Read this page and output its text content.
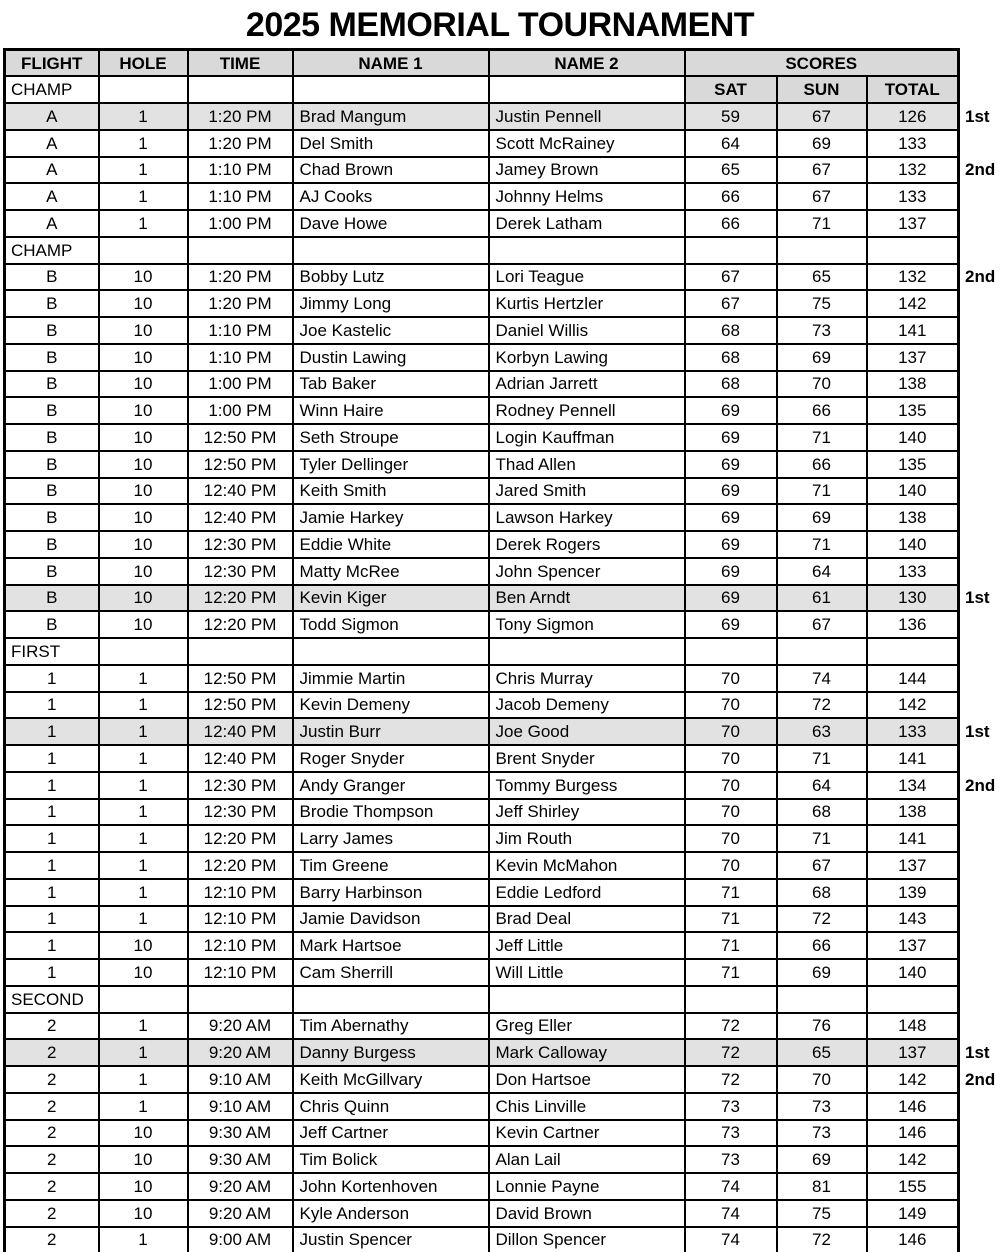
2025 MEMORIAL TOURNAMENT
FLIGHT	HOLE	TIME	NAME 1	NAME 2	SCORES			
CHAMP					SAT	SUN	TOTAL	
A	1	1:20 PM	Brad Mangum	Justin Pennell	59	67	126	1st
A	1	1:20 PM	Del Smith	Scott McRainey	64	69	133	
A	1	1:10 PM	Chad Brown	Jamey Brown	65	67	132	2nd
A	1	1:10 PM	AJ Cooks	Johnny Helms	66	67	133	
A	1	1:00 PM	Dave Howe	Derek Latham	66	71	137	
CHAMP								
B	10	1:20 PM	Bobby Lutz	Lori Teague	67	65	132	2nd
B	10	1:20 PM	Jimmy Long	Kurtis Hertzler	67	75	142	
B	10	1:10 PM	Joe Kastelic	Daniel Willis	68	73	141	
B	10	1:10 PM	Dustin Lawing	Korbyn Lawing	68	69	137	
B	10	1:00 PM	Tab Baker	Adrian Jarrett	68	70	138	
B	10	1:00 PM	Winn Haire	Rodney Pennell	69	66	135	
B	10	12:50 PM	Seth Stroupe	Login Kauffman	69	71	140	
B	10	12:50 PM	Tyler Dellinger	Thad Allen	69	66	135	
B	10	12:40 PM	Keith Smith	Jared Smith	69	71	140	
B	10	12:40 PM	Jamie Harkey	Lawson Harkey	69	69	138	
B	10	12:30 PM	Eddie White	Derek Rogers	69	71	140	
B	10	12:30 PM	Matty McRee	John Spencer	69	64	133	
B	10	12:20 PM	Kevin Kiger	Ben Arndt	69	61	130	1st
B	10	12:20 PM	Todd Sigmon	Tony Sigmon	69	67	136	
FIRST								
1	1	12:50 PM	Jimmie Martin	Chris Murray	70	74	144	
1	1	12:50 PM	Kevin Demeny	Jacob Demeny	70	72	142	
1	1	12:40 PM	Justin Burr	Joe Good	70	63	133	1st
1	1	12:40 PM	Roger Snyder	Brent Snyder	70	71	141	
1	1	12:30 PM	Andy Granger	Tommy Burgess	70	64	134	2nd
1	1	12:30 PM	Brodie Thompson	Jeff Shirley	70	68	138	
1	1	12:20 PM	Larry James	Jim Routh	70	71	141	
1	1	12:20 PM	Tim Greene	Kevin McMahon	70	67	137	
1	1	12:10 PM	Barry Harbinson	Eddie Ledford	71	68	139	
1	1	12:10 PM	Jamie Davidson	Brad Deal	71	72	143	
1	10	12:10 PM	Mark Hartsoe	Jeff Little	71	66	137	
1	10	12:10 PM	Cam Sherrill	Will Little	71	69	140	
SECOND								
2	1	9:20 AM	Tim Abernathy	Greg Eller	72	76	148	
2	1	9:20 AM	Danny Burgess	Mark Calloway	72	65	137	1st
2	1	9:10 AM	Keith McGillvary	Don Hartsoe	72	70	142	2nd
2	1	9:10 AM	Chris Quinn	Chis Linville	73	73	146	
2	10	9:30 AM	Jeff Cartner	Kevin Cartner	73	73	146	
2	10	9:30 AM	Tim Bolick	Alan Lail	73	69	142	
2	10	9:20 AM	John Kortenhoven	Lonnie Payne	74	81	155	
2	10	9:20 AM	Kyle Anderson	David Brown	74	75	149	
2	1	9:00 AM	Justin Spencer	Dillon Spencer	74	72	146	
